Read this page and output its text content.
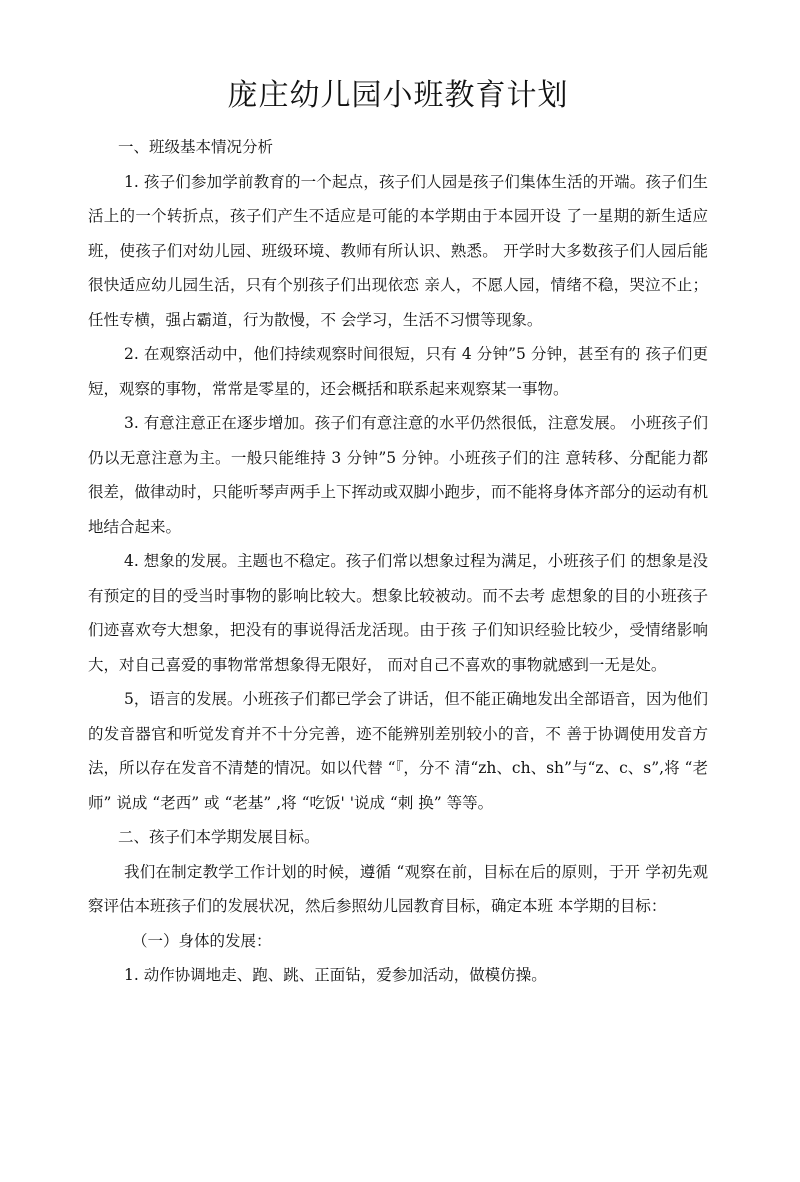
庞庄幼儿园小班教育计划

一、班级基本情况分析

1. 孩子们参加学前教育的一个起点，孩子们人园是孩子们集体生活的开端。孩子们生活上的一个转折点，孩子们产生不适应是可能的本学期由于本园开设 了一星期的新生适应班，使孩子们对幼儿园、班级环境、教师有所认识、熟悉。 开学时大多数孩子们人园后能很快适应幼儿园生活，只有个别孩子们出现依恋 亲人，不愿人园，情绪不稳，哭泣不止；任性专横，强占霸道，行为散慢，不 会学习，生活不习惯等现象。

2. 在观察活动中，他们持续观察时间很短，只有 4 分钟”5 分钟，甚至有的 孩子们更短，观察的事物，常常是零星的，还会概括和联系起来观察某一事物。

3. 有意注意正在逐步增加。孩子们有意注意的水平仍然很低，注意发展。 小班孩子们仍以无意注意为主。一般只能维持 3 分钟”5 分钟。小班孩子们的注 意转移、分配能力都很差，做律动时，只能听琴声两手上下挥动或双脚小跑步，而不能将身体齐部分的运动有机地结合起来。

4. 想象的发展。主题也不稳定。孩子们常以想象过程为满足，小班孩子们 的想象是没有预定的目的受当时事物的影响比较大。想象比较被动。而不去考 虑想象的目的小班孩子们迹喜欢夸大想象，把没有的事说得活龙活现。由于孩 子们知识经验比较少，受情绪影响大，对自己喜爱的事物常常想象得无限好， 而对自己不喜欢的事物就感到一无是处。

5，语言的发展。小班孩子们都已学会了讲话，但不能正确地发出全部语音，因为他们的发音器官和听觉发育并不十分完善，迹不能辨别差别较小的音，不 善于协调使用发音方法，所以存在发音不清楚的情况。如以代替 “『，分不 清“zh、ch、sh”与“z、c、s”,将 “老师” 说成 “老西” 或 “老基” ,将 “吃饭' '说成 “刺 换” 等等。

二、孩子们本学期发展目标。

我们在制定教学工作计划的时候，遵循 “观察在前，目标在后的原则，于开 学初先观察评估本班孩子们的发展状况，然后参照幼儿园教育目标，确定本班 本学期的目标：

（一）身体的发展：

1. 动作协调地走、跑、跳、正面钻，爱参加活动，做模仿操。
